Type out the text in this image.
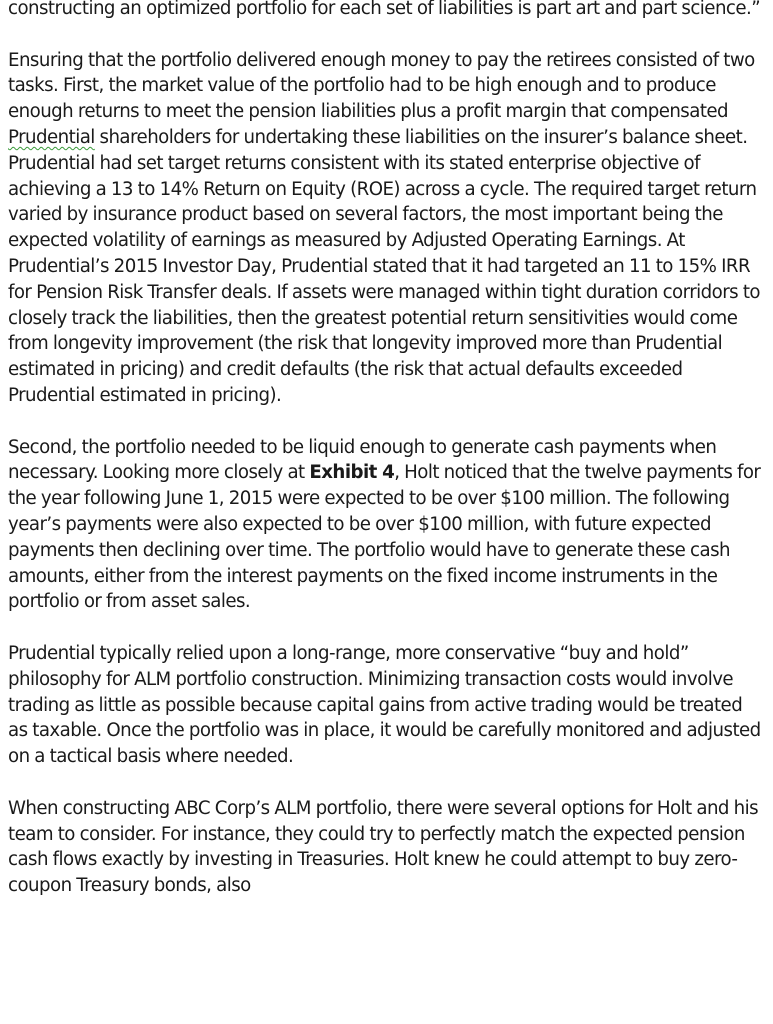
constructing an optimized portfolio for each set of liabilities is part art and part science.”

Ensuring that the portfolio delivered enough money to pay the retirees consisted of two tasks. First, the market value of the portfolio had to be high enough and to produce enough returns to meet the pension liabilities plus a profit margin that compensated Prudential shareholders for undertaking these liabilities on the insurer’s balance sheet. Prudential had set target returns consistent with its stated enterprise objective of achieving a 13 to 14% Return on Equity (ROE) across a cycle. The required target return varied by insurance product based on several factors, the most important being the expected volatility of earnings as measured by Adjusted Operating Earnings. At Prudential’s 2015 Investor Day, Prudential stated that it had targeted an 11 to 15% IRR for Pension Risk Transfer deals. If assets were managed within tight duration corridors to closely track the liabilities, then the greatest potential return sensitivities would come from longevity improvement (the risk that longevity improved more than Prudential estimated in pricing) and credit defaults (the risk that actual defaults exceeded Prudential estimated in pricing).

Second, the portfolio needed to be liquid enough to generate cash payments when necessary. Looking more closely at Exhibit 4, Holt noticed that the twelve payments for the year following June 1, 2015 were expected to be over $100 million. The following year’s payments were also expected to be over $100 million, with future expected payments then declining over time. The portfolio would have to generate these cash amounts, either from the interest payments on the fixed income instruments in the portfolio or from asset sales.

Prudential typically relied upon a long-range, more conservative “buy and hold” philosophy for ALM portfolio construction. Minimizing transaction costs would involve trading as little as possible because capital gains from active trading would be treated as taxable. Once the portfolio was in place, it would be carefully monitored and adjusted on a tactical basis where needed.

When constructing ABC Corp’s ALM portfolio, there were several options for Holt and his team to consider. For instance, they could try to perfectly match the expected pension cash flows exactly by investing in Treasuries. Holt knew he could attempt to buy zero-coupon Treasury bonds, also
